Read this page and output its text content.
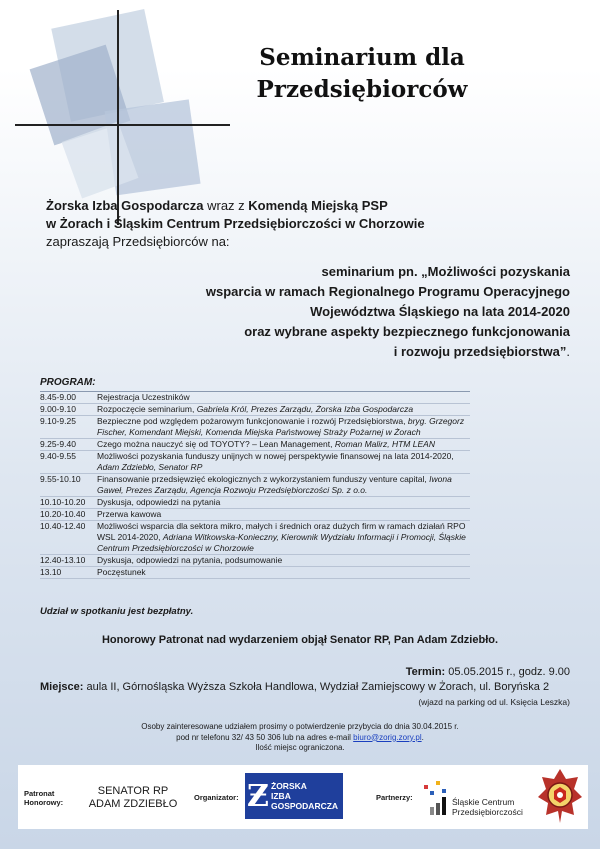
Seminarium dla
Przedsiębiorców
Żorska Izba Gospodarcza wraz z Komendą Miejską PSP
w Żorach i Śląskim Centrum Przedsiębiorczości w Chorzowie
zapraszają Przedsiębiorców na:
seminarium pn. „Możliwości pozyskania
wsparcia w ramach Regionalnego Programu Operacyjnego
Województwa Śląskiego na lata 2014-2020
oraz wybrane aspekty bezpiecznego funkcjonowania
i rozwoju przedsiębiorstwa”.
PROGRAM:
8.45-9.00	Rejestracja Uczestników
9.00-9.10	Rozpoczęcie seminarium, Gabriela Król, Prezes Zarządu, Żorska Izba Gospodarcza
9.10-9.25	Bezpieczne pod względem pożarowym funkcjonowanie i rozwój Przedsiębiorstwa, bryg. Grzegorz Fischer, Komendant Miejski, Komenda Miejska Państwowej Straży Pożarnej w Żorach
9.25-9.40	Czego można nauczyć się od TOYOTY? – Lean Management, Roman Malirz, HTM LEAN
9.40-9.55	Możliwości pozyskania funduszy unijnych w nowej perspektywie finansowej na lata 2014-2020, Adam Zdziebło, Senator RP
9.55-10.10	Finansowanie przedsięwzięć ekologicznych z wykorzystaniem funduszy venture capital, Iwona Gaweł, Prezes Zarządu, Agencja Rozwoju Przedsiębiorczości Sp. z o.o.
10.10-10.20	Dyskusja, odpowiedzi na pytania
10.20-10.40	Przerwa kawowa
10.40-12.40	Możliwości wsparcia dla sektora mikro, małych i średnich oraz dużych firm w ramach działań RPO WSL 2014-2020, Adriana Witkowska-Konieczny, Kierownik Wydziału Informacji i Promocji, Śląskie Centrum Przedsiębiorczości w Chorzowie
12.40-13.10	Dyskusja, odpowiedzi na pytania, podsumowanie
13.10	Poczęstunek
Udział w spotkaniu jest bezpłatny.
Honorowy Patronat nad wydarzeniem objął Senator RP, Pan Adam Zdziebło.
Termin: 05.05.2015 r., godz. 9.00
Miejsce: aula II, Górnośląska Wyższa Szkoła Handlowa, Wydział Zamiejscowy w Żorach, ul. Boryńska 2
(wjazd na parking od ul. Księcia Leszka)
Osoby zainteresowane udziałem prosimy o potwierdzenie przybycia do dnia 30.04.2015 r.
pod nr telefonu 32/ 43 50 306 lub na adres e-mail biuro@zorig.zory.pl.
Ilość miejsc ograniczona.
Patronat
Honorowy:
SENATOR RP
ADAM ZDZIEBŁO
Organizator: Ƶ ŻORSKA
IZBA
GOSPODARCZA
Partnerzy:	Śląskie Centrum
Przedsiębiorczości
